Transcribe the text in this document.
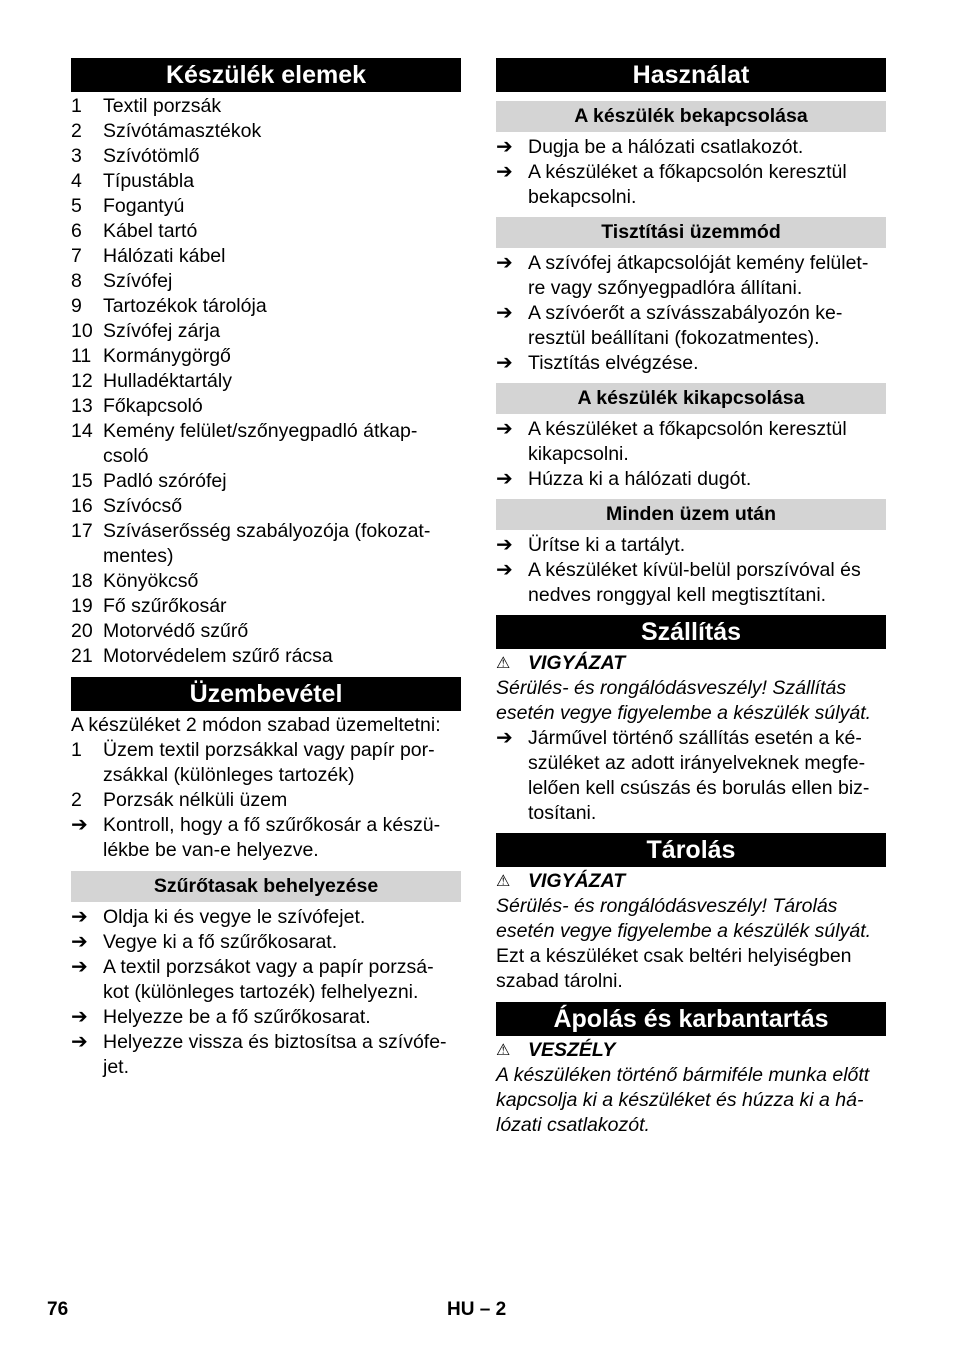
Készülék elemek
1	Textil porzsák
2	Szívótámasztékok
3	Szívótömlő
4	Típustábla
5	Fogantyú
6	Kábel tartó
7	Hálózati kábel
8	Szívófej
9	Tartozékok tárolója
10 Szívófej zárja
11 Kormánygörgő
12 Hulladéktartály
13 Főkapcsoló
14 Kemény felület/szőnyegpadló átkap-
csoló
15 Padló szórófej
16 Szívócső
17 Szíváserősség szabályozója (fokozat-
mentes)
18 Könyökcső
19 Fő szűrőkosár
20 Motorvédő szűrő
21 Motorvédelem szűrő rácsa
Üzembevétel
A készüléket 2 módon szabad üzemeltetni:
1	Üzem textil porzsákkal vagy papír por-
zsákkal (különleges tartozék)
2	Porzsák nélküli üzem
➔ Kontroll, hogy a fő szűrőkosár a készü-
lékbe be van-e helyezve.
Szűrőtasak behelyezése
➔ Oldja ki és vegye le szívófejet.
➔ Vegye ki a fő szűrőkosarat.
➔ A textil porzsákot vagy a papír porzsá-
kot (különleges tartozék) felhelyezni.
➔ Helyezze be a fő szűrőkosarat.
➔ Helyezze vissza és biztosítsa a szívófe-
jet.
Használat
A készülék bekapcsolása
➔ Dugja be a hálózati csatlakozót.
➔ A készüléket a főkapcsolón keresztül
bekapcsolni.
Tisztítási üzemmód
➔ A szívófej átkapcsolóját kemény felület-
re vagy szőnyegpadlóra állítani.
➔ A szívóerőt a szívásszabályozón ke-
resztül beállítani (fokozatmentes).
➔ Tisztítás elvégzése.
A készülék kikapcsolása
➔ A készüléket a főkapcsolón keresztül
kikapcsolni.
➔ Húzza ki a hálózati dugót.
Minden üzem után
➔ Ürítse ki a tartályt.
➔ A készüléket kívül-belül porszívóval és
nedves ronggyal kell megtisztítani.
Szállítás
⚠ VIGYÁZAT
Sérülés- és rongálódásveszély! Szállítás
esetén vegye figyelembe a készülék súlyát.
➔ Járművel történő szállítás esetén a ké-
szüléket az adott irányelveknek megfe-
lelően kell csúszás és borulás ellen biz-
tosítani.
Tárolás
⚠ VIGYÁZAT
Sérülés- és rongálódásveszély! Tárolás
esetén vegye figyelembe a készülék súlyát.
Ezt a készüléket csak beltéri helyiségben
szabad tárolni.
Ápolás és karbantartás
⚠ VESZÉLY
A készüléken történő bármiféle munka előtt
kapcsolja ki a készüléket és húzza ki a há-
lózati csatlakozót.
76	HU – 2
